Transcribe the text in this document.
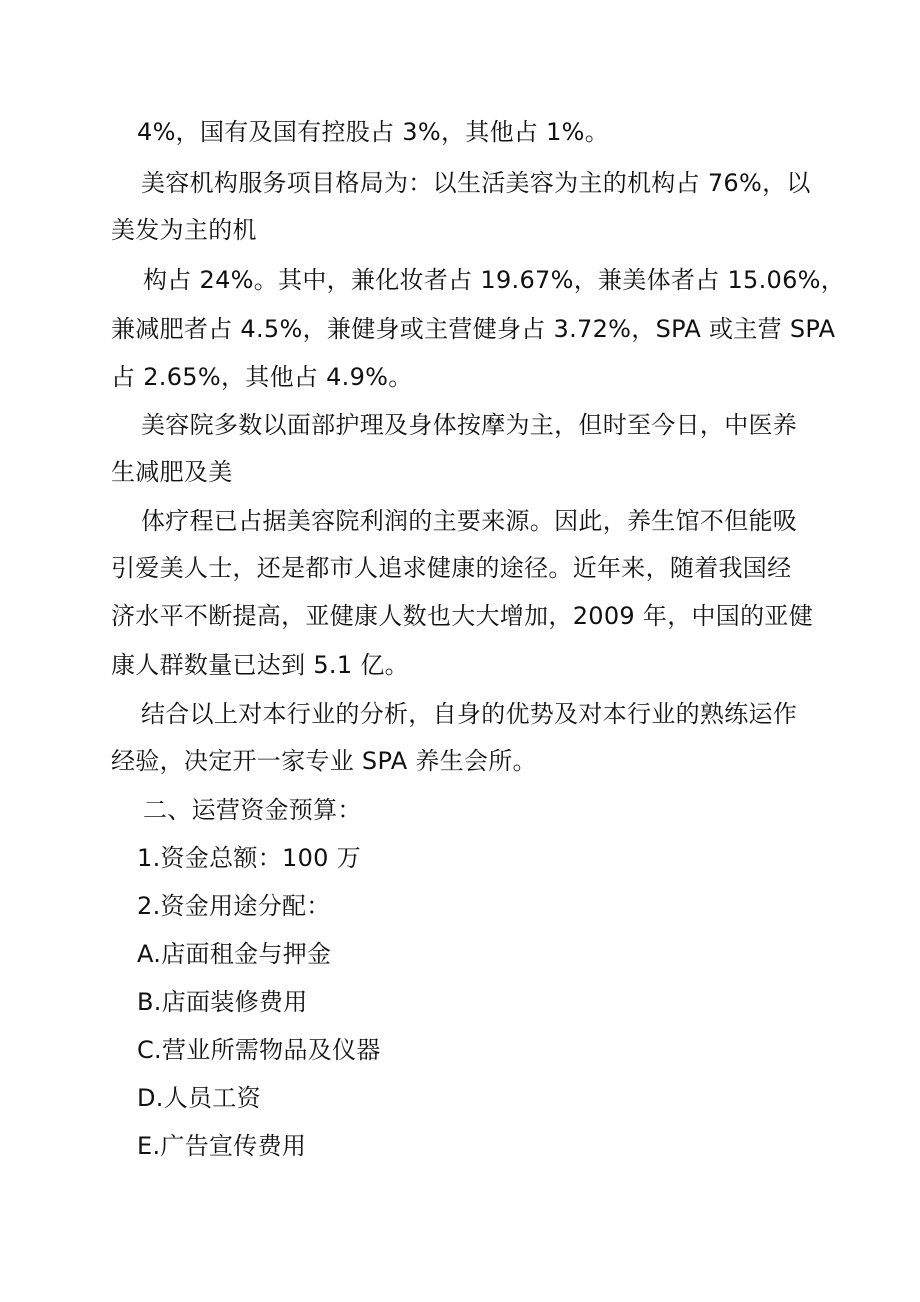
4%，国有及国有控股占 3%，其他占 1%。
美容机构服务项目格局为：以生活美容为主的机构占 76%，以
美发为主的机
构占 24%。其中，兼化妆者占 19.67%，兼美体者占 15.06%，
兼减肥者占 4.5%，兼健身或主营健身占 3.72%，SPA 或主营 SPA
占 2.65%，其他占 4.9%。
美容院多数以面部护理及身体按摩为主，但时至今日，中医养
生减肥及美
体疗程已占据美容院利润的主要来源。因此，养生馆不但能吸
引爱美人士，还是都市人追求健康的途径。近年来，随着我国经
济水平不断提高，亚健康人数也大大增加，2009 年，中国的亚健
康人群数量已达到 5.1 亿。
结合以上对本行业的分析，自身的优势及对本行业的熟练运作
经验，决定开一家专业 SPA 养生会所。
二、运营资金预算：
1.资金总额：100 万
2.资金用途分配：
A.店面租金与押金
B.店面装修费用
C.营业所需物品及仪器
D.人员工资
E.广告宣传费用
